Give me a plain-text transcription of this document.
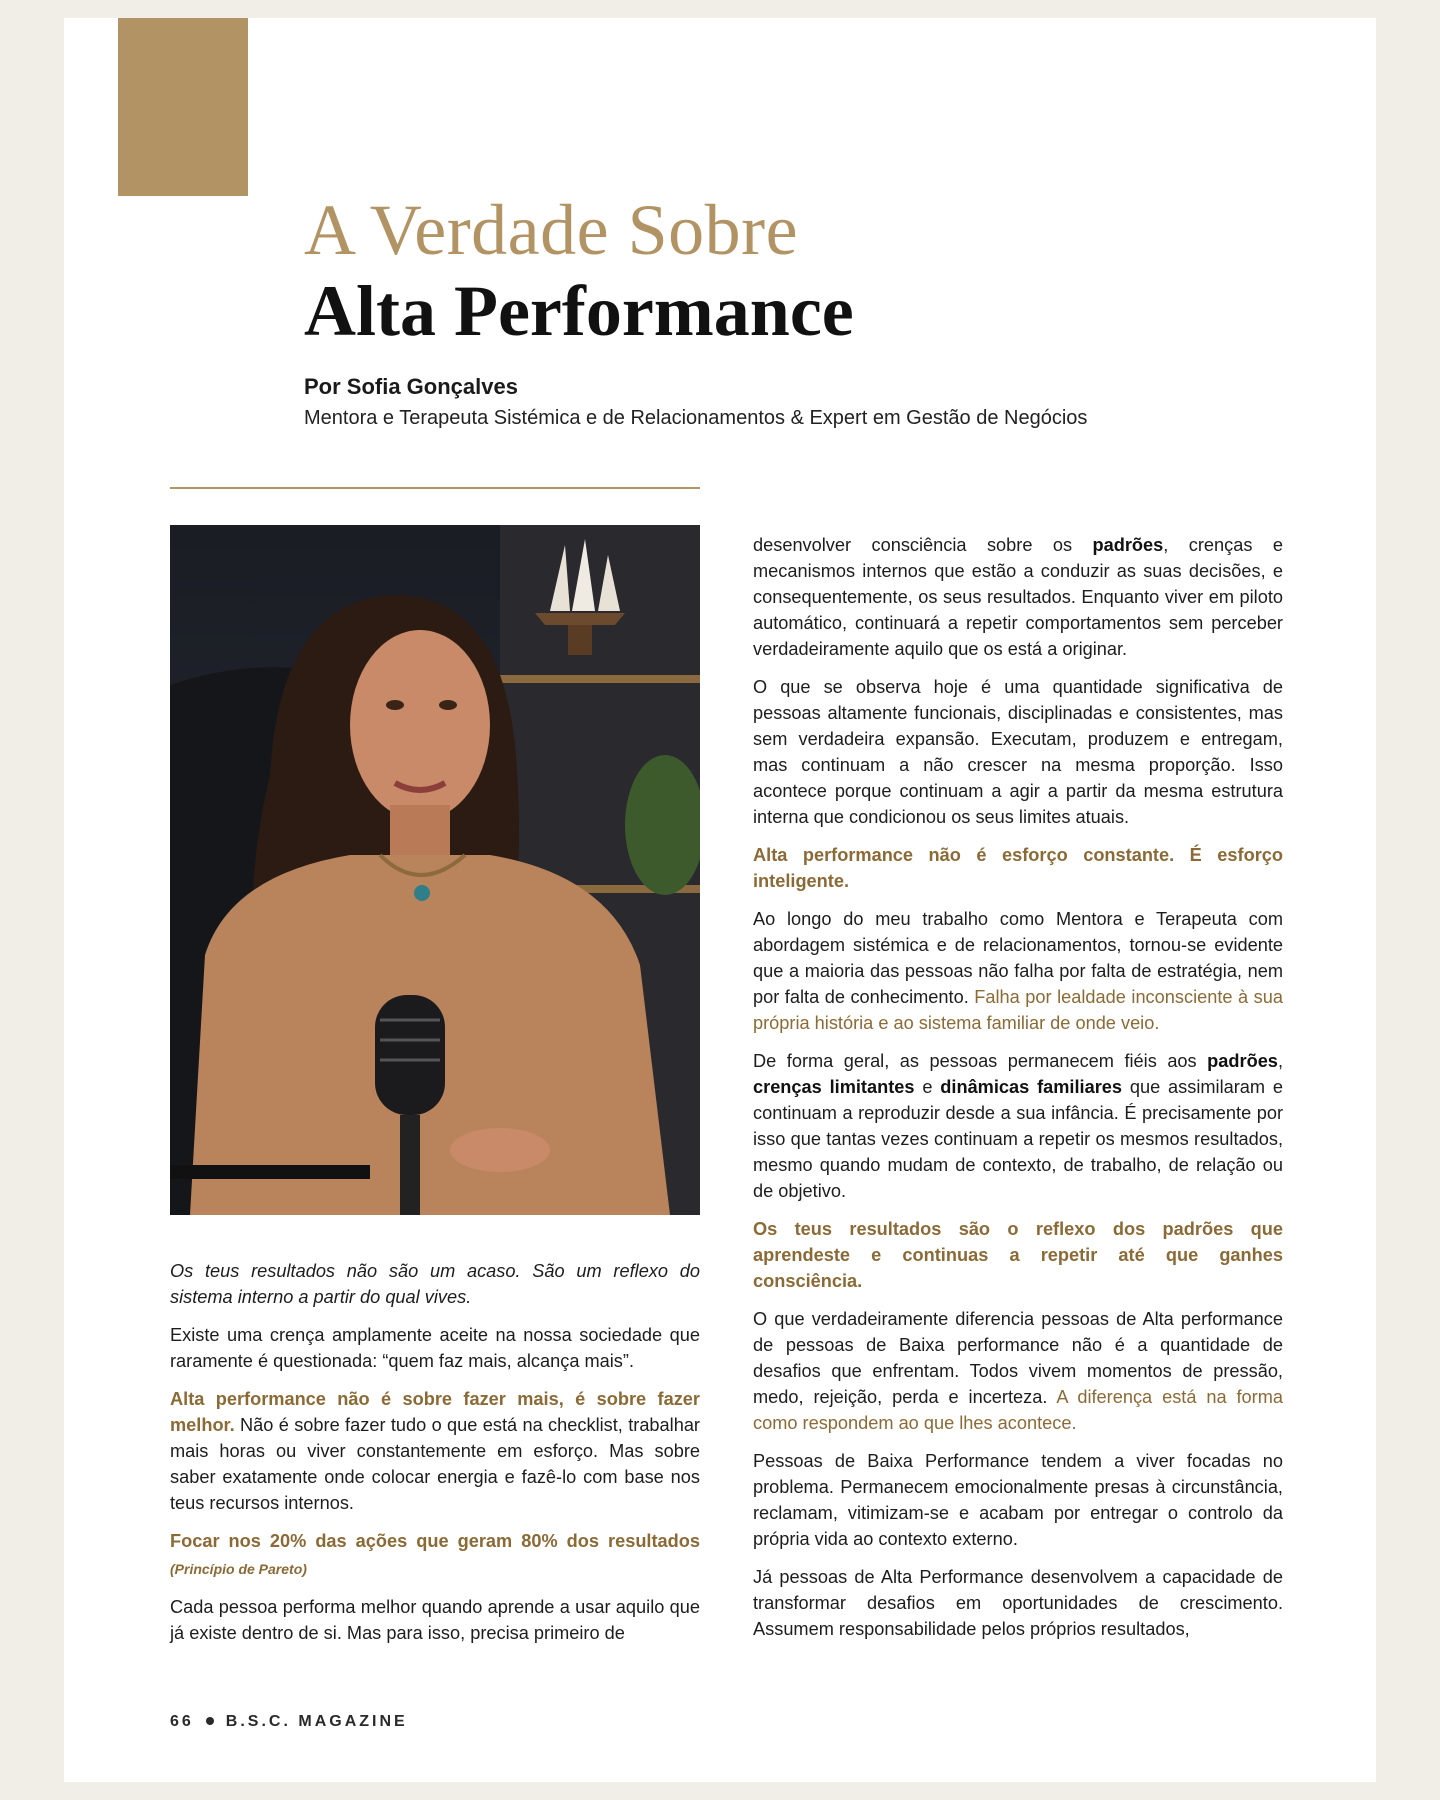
A Verdade Sobre
Alta Performance
Por Sofia Gonçalves
Mentora e Terapeuta Sistémica e de Relacionamentos & Expert em Gestão de Negócios

Os teus resultados não são um acaso. São um reflexo do sistema interno a partir do qual vives.

Existe uma crença amplamente aceite na nossa sociedade que raramente é questionada: “quem faz mais, alcança mais”.

Alta performance não é sobre fazer mais, é sobre fazer melhor. Não é sobre fazer tudo o que está na checklist, trabalhar mais horas ou viver constantemente em esforço. Mas sobre saber exatamente onde colocar energia e fazê-lo com base nos teus recursos internos.

Focar nos 20% das ações que geram 80% dos resultados (Princípio de Pareto)

Cada pessoa performa melhor quando aprende a usar aquilo que já existe dentro de si. Mas para isso, precisa primeiro de

desenvolver consciência sobre os padrões, crenças e mecanismos internos que estão a conduzir as suas decisões, e consequentemente, os seus resultados. Enquanto viver em piloto automático, continuará a repetir comportamentos sem perceber verdadeiramente aquilo que os está a originar.

O que se observa hoje é uma quantidade significativa de pessoas altamente funcionais, disciplinadas e consistentes, mas sem verdadeira expansão. Executam, produzem e entregam, mas continuam a não crescer na mesma proporção. Isso acontece porque continuam a agir a partir da mesma estrutura interna que condicionou os seus limites atuais.

Alta performance não é esforço constante. É esforço inteligente.

Ao longo do meu trabalho como Mentora e Terapeuta com abordagem sistémica e de relacionamentos, tornou-se evidente que a maioria das pessoas não falha por falta de estratégia, nem por falta de conhecimento. Falha por lealdade inconsciente à sua própria história e ao sistema familiar de onde veio.

De forma geral, as pessoas permanecem fiéis aos padrões, crenças limitantes e dinâmicas familiares que assimilaram e continuam a reproduzir desde a sua infância. É precisamente por isso que tantas vezes continuam a repetir os mesmos resultados, mesmo quando mudam de contexto, de trabalho, de relação ou de objetivo.

Os teus resultados são o reflexo dos padrões que aprendeste e continuas a repetir até que ganhes consciência.

O que verdadeiramente diferencia pessoas de Alta performance de pessoas de Baixa performance não é a quantidade de desafios que enfrentam. Todos vivem momentos de pressão, medo, rejeição, perda e incerteza. A diferença está na forma como respondem ao que lhes acontece.

Pessoas de Baixa Performance tendem a viver focadas no problema. Permanecem emocionalmente presas à circunstância, reclamam, vitimizam-se e acabam por entregar o controlo da própria vida ao contexto externo.

Já pessoas de Alta Performance desenvolvem a capacidade de transformar desafios em oportunidades de crescimento. Assumem responsabilidade pelos próprios resultados,

66 B.S.C. MAGAZINE
